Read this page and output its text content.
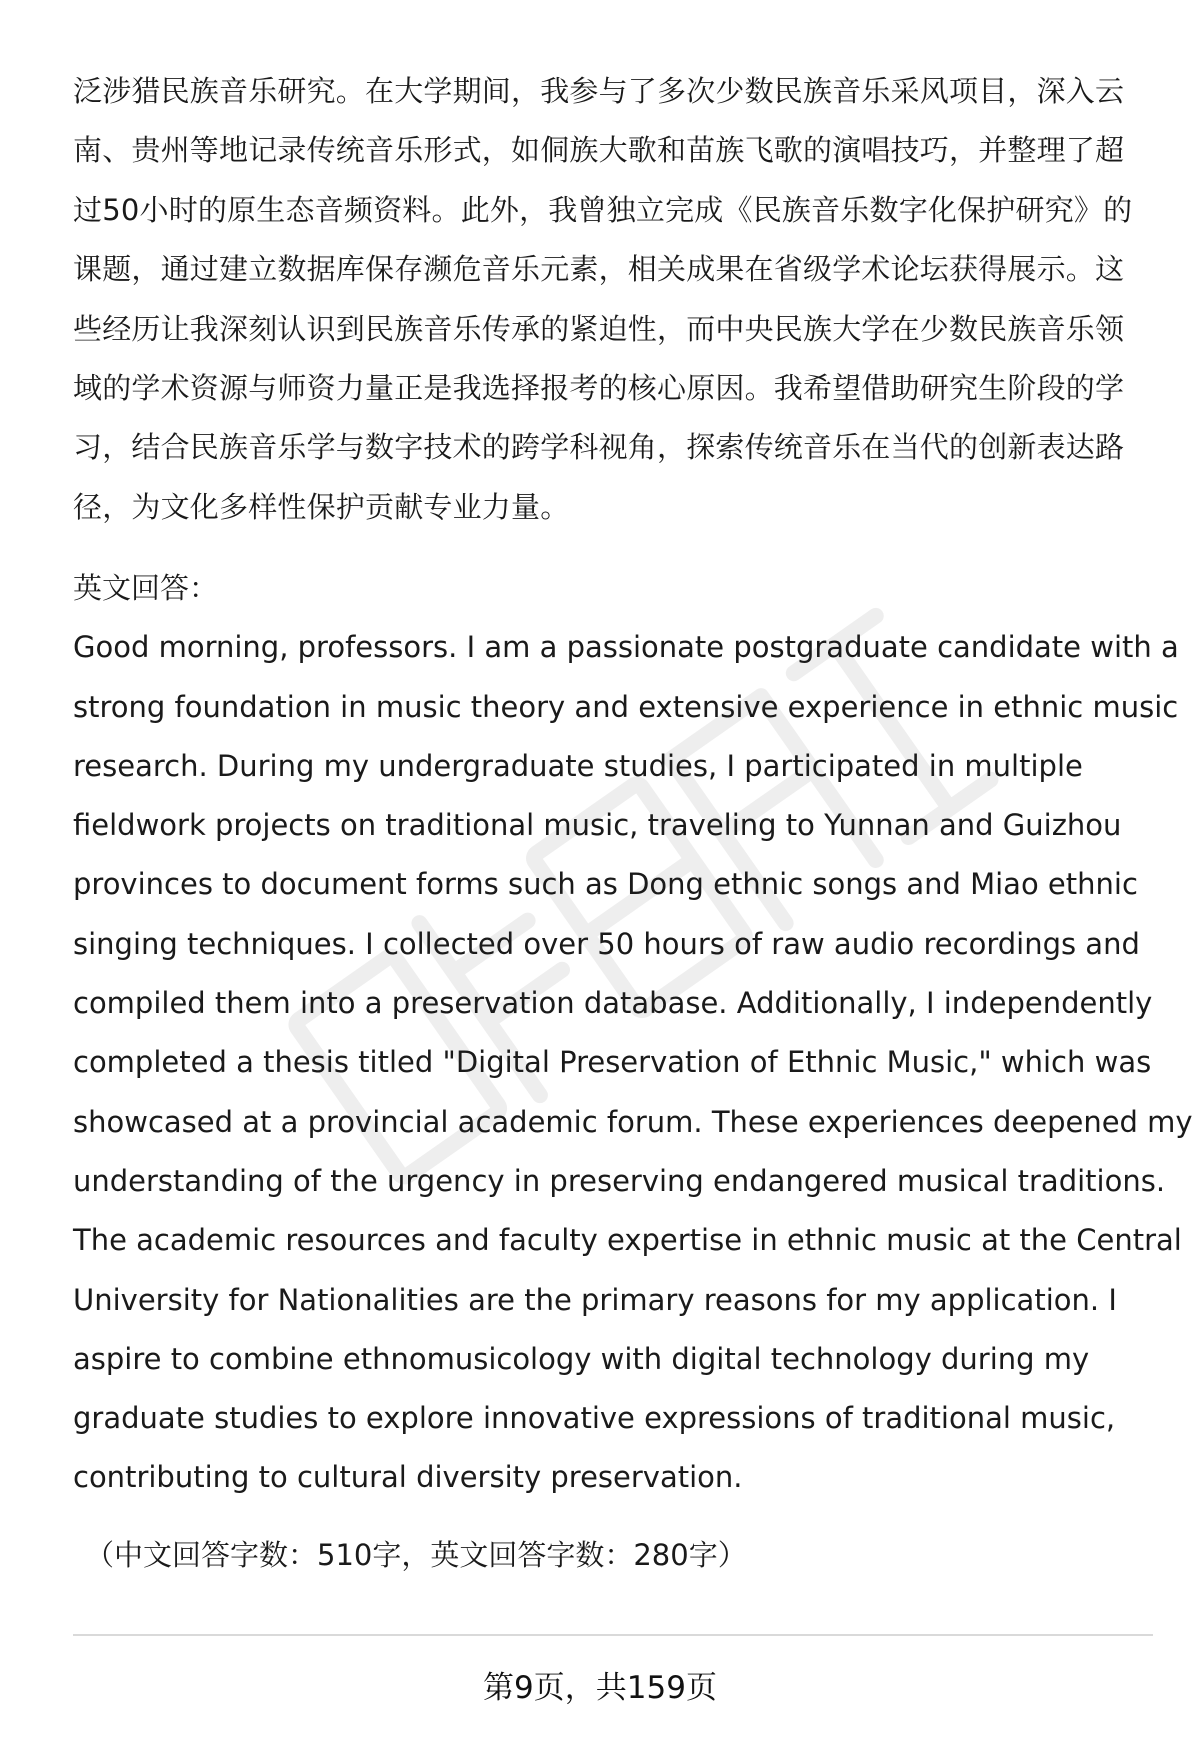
泛涉猎民族音乐研究。在大学期间，我参与了多次少数民族音乐采风项目，深入云
南、贵州等地记录传统音乐形式，如侗族大歌和苗族飞歌的演唱技巧，并整理了超
过50小时的原生态音频资料。此外，我曾独立完成《民族音乐数字化保护研究》的
课题，通过建立数据库保存濒危音乐元素，相关成果在省级学术论坛获得展示。这
些经历让我深刻认识到民族音乐传承的紧迫性，而中央民族大学在少数民族音乐领
域的学术资源与师资力量正是我选择报考的核心原因。我希望借助研究生阶段的学
习，结合民族音乐学与数字技术的跨学科视角，探索传统音乐在当代的创新表达路
径，为文化多样性保护贡献专业力量。

英文回答：

Good morning, professors. I am a passionate postgraduate candidate with a
strong foundation in music theory and extensive experience in ethnic music
research. During my undergraduate studies, I participated in multiple
fieldwork projects on traditional music, traveling to Yunnan and Guizhou
provinces to document forms such as Dong ethnic songs and Miao ethnic
singing techniques. I collected over 50 hours of raw audio recordings and
compiled them into a preservation database. Additionally, I independently
completed a thesis titled "Digital Preservation of Ethnic Music," which was
showcased at a provincial academic forum. These experiences deepened my
understanding of the urgency in preserving endangered musical traditions.
The academic resources and faculty expertise in ethnic music at the Central
University for Nationalities are the primary reasons for my application. I
aspire to combine ethnomusicology with digital technology during my
graduate studies to explore innovative expressions of traditional music,
contributing to cultural diversity preservation.

（中文回答字数：510字，英文回答字数：280字）

第9页，共159页
